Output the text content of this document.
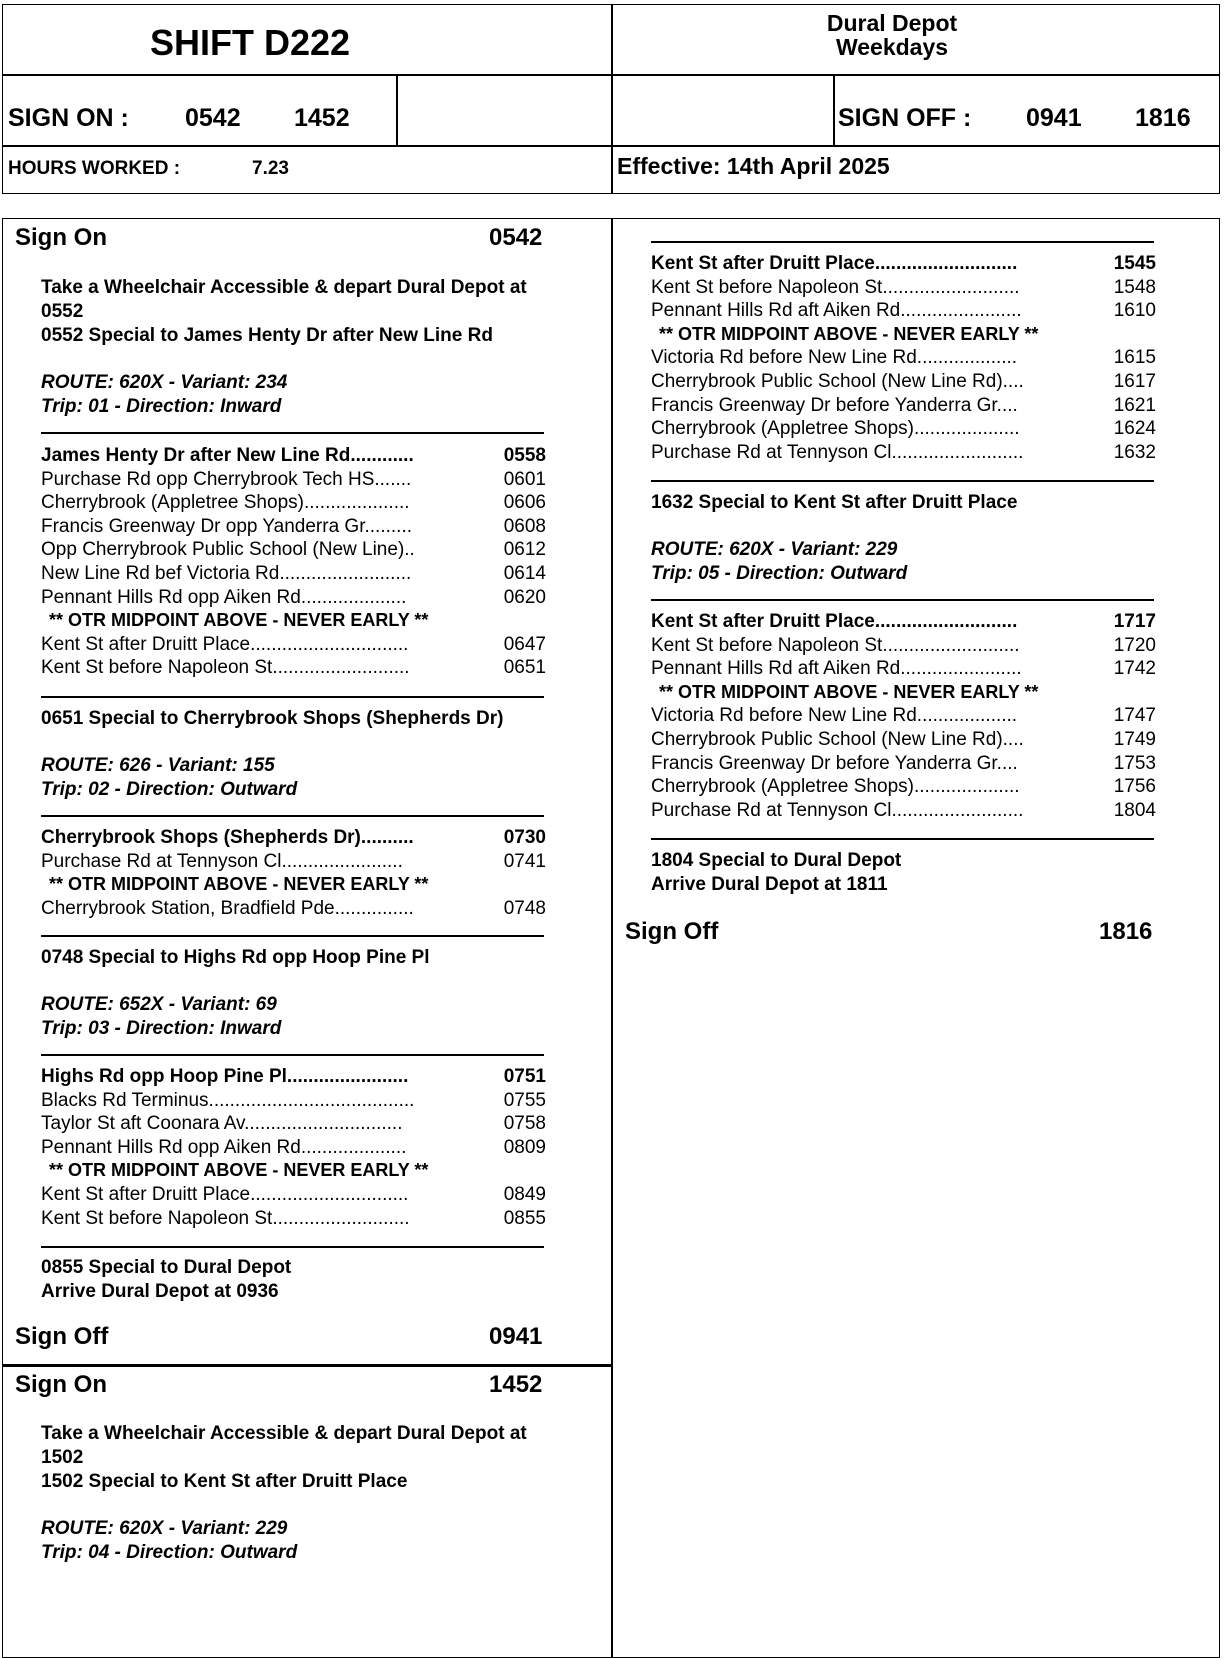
SHIFT D222	Dural Depot
Weekdays
SIGN ON : 0542 1452	SIGN OFF : 0941 1816
HOURS WORKED :	7.23	Effective: 14th April 2025
Sign On	0542
Take a Wheelchair Accessible & depart Dural Depot at
0552
0552 Special to James Henty Dr after New Line Rd
ROUTE: 620X - Variant: 234
Trip: 01 - Direction: Inward
0651 Special to Cherrybrook Shops (Shepherds Dr)
ROUTE: 626 - Variant: 155
Trip: 02 - Direction: Outward
0748 Special to Highs Rd opp Hoop Pine Pl
ROUTE: 652X - Variant: 69
Trip: 03 - Direction: Inward
0855 Special to Dural Depot
Arrive Dural Depot at 0936
Sign Off	0941
Sign On	1452
Take a Wheelchair Accessible & depart Dural Depot at
1502
1502 Special to Kent St after Druitt Place
ROUTE: 620X - Variant: 229
Trip: 04 - Direction: Outward
1632 Special to Kent St after Druitt Place
ROUTE: 620X - Variant: 229
Trip: 05 - Direction: Outward
1804 Special to Dural Depot
Arrive Dural Depot at 1811
Sign Off	1816
James Henty Dr after New Line Rd............	0558
Purchase Rd opp Cherrybrook Tech HS.......	0601
Cherrybrook (Appletree Shops)....................	0606
Francis Greenway Dr opp Yanderra Gr.........	0608
Opp Cherrybrook Public School (New Line)..	0612
New Line Rd bef Victoria Rd.........................	0614
Pennant Hills Rd opp Aiken Rd....................	0620
** OTR MIDPOINT ABOVE - NEVER EARLY **
Kent St after Druitt Place..............................	0647
Kent St before Napoleon St..........................	0651
Cherrybrook Shops (Shepherds Dr)..........	0730
Purchase Rd at Tennyson Cl.......................	0741
** OTR MIDPOINT ABOVE - NEVER EARLY **
Cherrybrook Station, Bradfield Pde...............	0748
Highs Rd opp Hoop Pine Pl.......................	0751
Blacks Rd Terminus.......................................	0755
Taylor St aft Coonara Av..............................	0758
Pennant Hills Rd opp Aiken Rd....................	0809
** OTR MIDPOINT ABOVE - NEVER EARLY **
Kent St after Druitt Place..............................	0849
Kent St before Napoleon St..........................	0855
Kent St after Druitt Place...........................	1545
Kent St before Napoleon St..........................	1548
Pennant Hills Rd aft Aiken Rd.......................	1610
** OTR MIDPOINT ABOVE - NEVER EARLY **
Victoria Rd before New Line Rd...................	1615
Cherrybrook Public School (New Line Rd)....	1617
Francis Greenway Dr before Yanderra Gr....	1621
Cherrybrook (Appletree Shops)....................	1624
Purchase Rd at Tennyson Cl.........................	1632
Kent St after Druitt Place...........................	1717
Kent St before Napoleon St..........................	1720
Pennant Hills Rd aft Aiken Rd.......................	1742
** OTR MIDPOINT ABOVE - NEVER EARLY **
Victoria Rd before New Line Rd...................	1747
Cherrybrook Public School (New Line Rd)....	1749
Francis Greenway Dr before Yanderra Gr....	1753
Cherrybrook (Appletree Shops)....................	1756
Purchase Rd at Tennyson Cl.........................	1804
